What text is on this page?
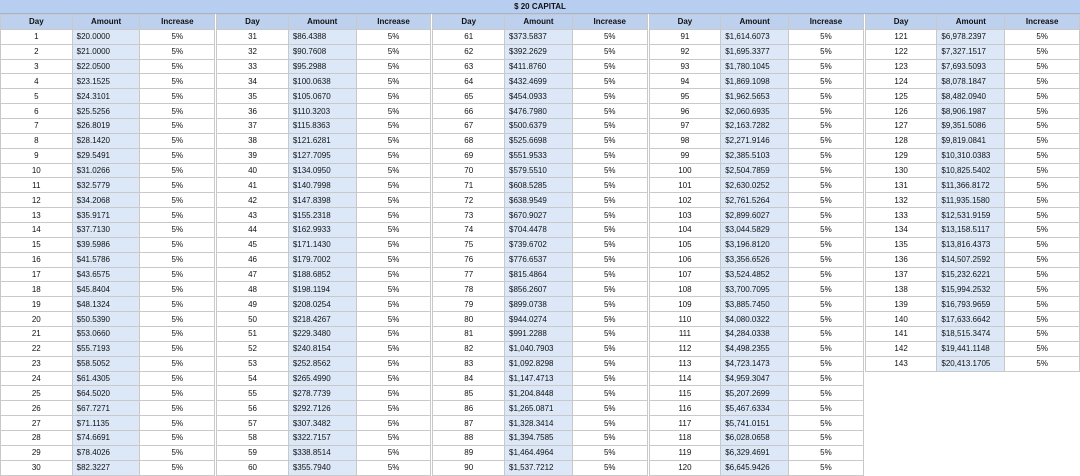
$ 20 CAPITAL
Day	Amount	Increase
1	$20.0000	5%
2	$21.0000	5%
3	$22.0500	5%
4	$23.1525	5%
5	$24.3101	5%
6	$25.5256	5%
7	$26.8019	5%
8	$28.1420	5%
9	$29.5491	5%
10	$31.0266	5%
11	$32.5779	5%
12	$34.2068	5%
13	$35.9171	5%
14	$37.7130	5%
15	$39.5986	5%
16	$41.5786	5%
17	$43.6575	5%
18	$45.8404	5%
19	$48.1324	5%
20	$50.5390	5%
21	$53.0660	5%
22	$55.7193	5%
23	$58.5052	5%
24	$61.4305	5%
25	$64.5020	5%
26	$67.7271	5%
27	$71.1135	5%
28	$74.6691	5%
29	$78.4026	5%
30	$82.3227	5%
Day	Amount	Increase
31	$86.4388	5%
32	$90.7608	5%
33	$95.2988	5%
34	$100.0638	5%
35	$105.0670	5%
36	$110.3203	5%
37	$115.8363	5%
38	$121.6281	5%
39	$127.7095	5%
40	$134.0950	5%
41	$140.7998	5%
42	$147.8398	5%
43	$155.2318	5%
44	$162.9933	5%
45	$171.1430	5%
46	$179.7002	5%
47	$188.6852	5%
48	$198.1194	5%
49	$208.0254	5%
50	$218.4267	5%
51	$229.3480	5%
52	$240.8154	5%
53	$252.8562	5%
54	$265.4990	5%
55	$278.7739	5%
56	$292.7126	5%
57	$307.3482	5%
58	$322.7157	5%
59	$338.8514	5%
60	$355.7940	5%
Day	Amount	Increase
61	$373.5837	5%
62	$392.2629	5%
63	$411.8760	5%
64	$432.4699	5%
65	$454.0933	5%
66	$476.7980	5%
67	$500.6379	5%
68	$525.6698	5%
69	$551.9533	5%
70	$579.5510	5%
71	$608.5285	5%
72	$638.9549	5%
73	$670.9027	5%
74	$704.4478	5%
75	$739.6702	5%
76	$776.6537	5%
77	$815.4864	5%
78	$856.2607	5%
79	$899.0738	5%
80	$944.0274	5%
81	$991.2288	5%
82	$1,040.7903	5%
83	$1,092.8298	5%
84	$1,147.4713	5%
85	$1,204.8448	5%
86	$1,265.0871	5%
87	$1,328.3414	5%
88	$1,394.7585	5%
89	$1,464.4964	5%
90	$1,537.7212	5%
Day	Amount	Increase
91	$1,614.6073	5%
92	$1,695.3377	5%
93	$1,780.1045	5%
94	$1,869.1098	5%
95	$1,962.5653	5%
96	$2,060.6935	5%
97	$2,163.7282	5%
98	$2,271.9146	5%
99	$2,385.5103	5%
100	$2,504.7859	5%
101	$2,630.0252	5%
102	$2,761.5264	5%
103	$2,899.6027	5%
104	$3,044.5829	5%
105	$3,196.8120	5%
106	$3,356.6526	5%
107	$3,524.4852	5%
108	$3,700.7095	5%
109	$3,885.7450	5%
110	$4,080.0322	5%
111	$4,284.0338	5%
112	$4,498.2355	5%
113	$4,723.1473	5%
114	$4,959.3047	5%
115	$5,207.2699	5%
116	$5,467.6334	5%
117	$5,741.0151	5%
118	$6,028.0658	5%
119	$6,329.4691	5%
120	$6,645.9426	5%
Day	Amount	Increase
121	$6,978.2397	5%
122	$7,327.1517	5%
123	$7,693.5093	5%
124	$8,078.1847	5%
125	$8,482.0940	5%
126	$8,906.1987	5%
127	$9,351.5086	5%
128	$9,819.0841	5%
129	$10,310.0383	5%
130	$10,825.5402	5%
131	$11,366.8172	5%
132	$11,935.1580	5%
133	$12,531.9159	5%
134	$13,158.5117	5%
135	$13,816.4373	5%
136	$14,507.2592	5%
137	$15,232.6221	5%
138	$15,994.2532	5%
139	$16,793.9659	5%
140	$17,633.6642	5%
141	$18,515.3474	5%
142	$19,441.1148	5%
143	$20,413.1705	5%
